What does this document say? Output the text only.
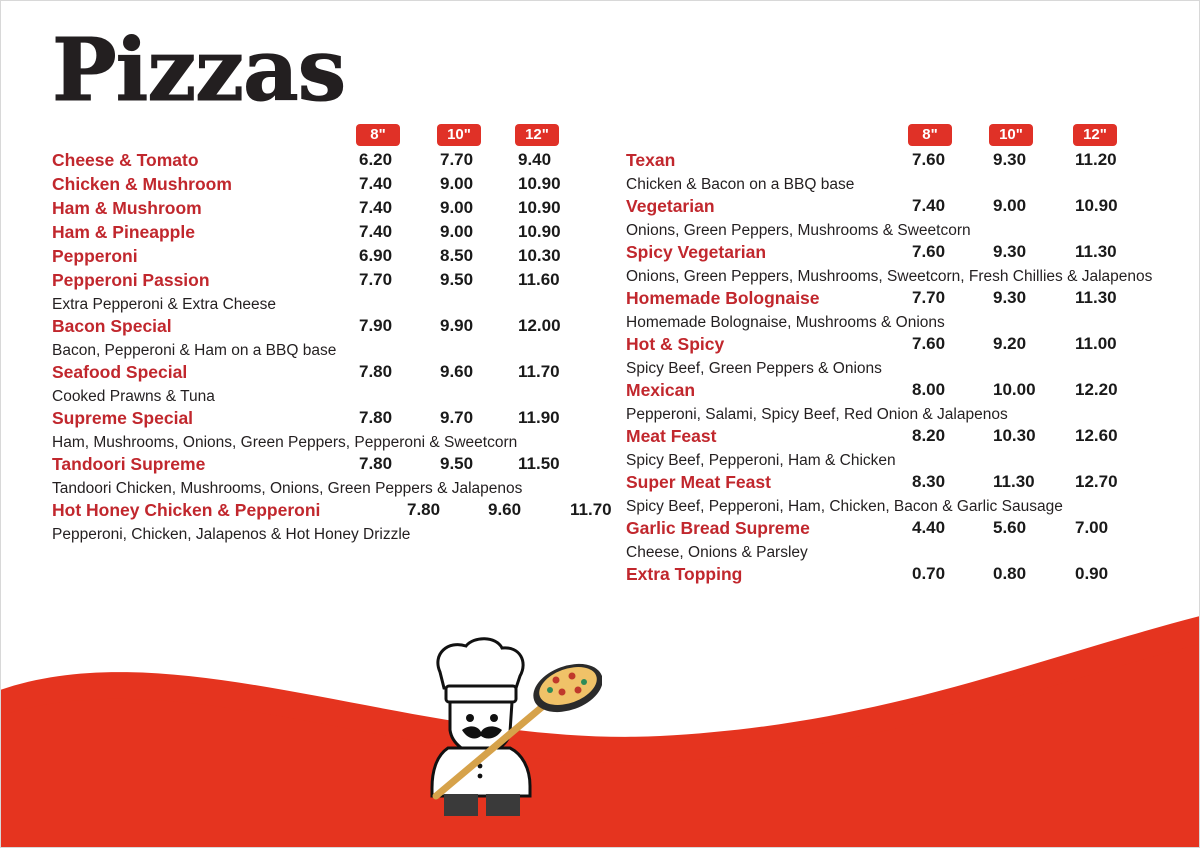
Pizzas
8"	10"	12"	8"	10"	12"
Cheese & Tomato	6.20	7.70	9.40
Chicken & Mushroom	7.40	9.00	10.90
Ham & Mushroom	7.40	9.00	10.90
Ham & Pineapple	7.40	9.00	10.90
Pepperoni	6.90	8.50	10.30
Pepperoni Passion	7.70	9.50	11.60
Extra Pepperoni & Extra Cheese
Bacon Special	7.90	9.90	12.00
Bacon, Pepperoni & Ham on a BBQ base
Seafood Special	7.80	9.60	11.70
Cooked Prawns & Tuna
Supreme Special	7.80	9.70	11.90
Ham, Mushrooms, Onions, Green Peppers, Pepperoni & Sweetcorn
Tandoori Supreme	7.80	9.50	11.50
Tandoori Chicken, Mushrooms, Onions, Green Peppers & Jalapenos
Hot Honey Chicken & Pepperoni	7.80	9.60	11.70
Pepperoni, Chicken, Jalapenos & Hot Honey Drizzle
Texan	7.60	9.30	11.20
Chicken & Bacon on a BBQ base
Vegetarian	7.40	9.00	10.90
Onions, Green Peppers, Mushrooms & Sweetcorn
Spicy Vegetarian	7.60	9.30	11.30
Onions, Green Peppers, Mushrooms, Sweetcorn, Fresh Chillies & Jalapenos
Homemade Bolognaise	7.70	9.30	11.30
Homemade Bolognaise, Mushrooms & Onions
Hot & Spicy	7.60	9.20	11.00
Spicy Beef, Green Peppers & Onions
Mexican	8.00	10.00 12.20
Pepperoni, Salami, Spicy Beef, Red Onion & Jalapenos
Meat Feast	8.20	10.30 12.60
Spicy Beef, Pepperoni, Ham & Chicken
Super Meat Feast	8.30	11.30 12.70
Spicy Beef, Pepperoni, Ham, Chicken, Bacon & Garlic Sausage
Garlic Bread Supreme	4.40	5.60	7.00
Cheese, Onions & Parsley
Extra Topping	0.70	0.80	0.90
